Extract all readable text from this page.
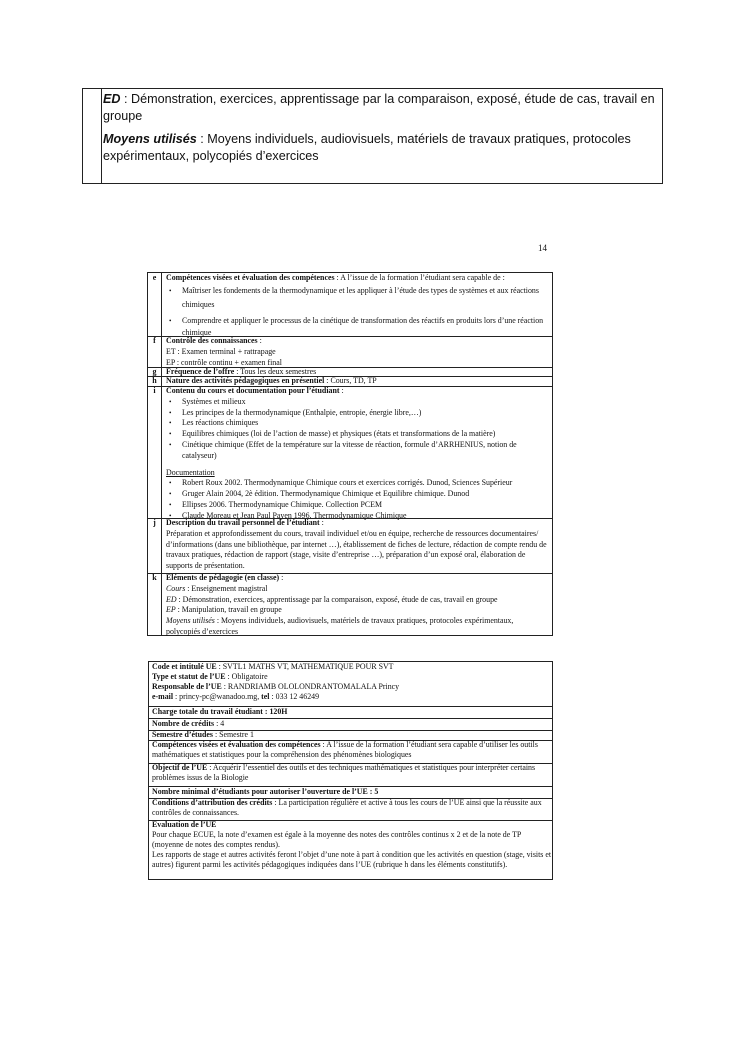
ED : Démonstration, exercices, apprentissage par la comparaison, exposé, étude de cas, travail en groupe

Moyens utilisés : Moyens individuels, audiovisuels, matériels de travaux pratiques, protocoles expérimentaux, polycopiés d’exercices

14
e	Compétences visées et évaluation des compétences : A l’issue de la formation l’étudiant sera capable de :
• Maîtriser les fondements de la thermodynamique et les appliquer à l’étude des types de systèmes et aux réactions chimiques
• Comprendre et appliquer le processus de la cinétique de transformation des réactifs en produits lors d’une réaction chimique
f	Contrôle des connaissances :
ET : Examen terminal + rattrapage
EP : contrôle continu + examen final
g	Fréquence de l’offre : Tous les deux semestres
h	Nature des activités pédagogiques en présentiel : Cours, TD, TP
i	Contenu du cours et documentation pour l’étudiant :
• Systèmes et milieux
• Les principes de la thermodynamique (Enthalpie, entropie, énergie libre,…)
• Les réactions chimiques
• Equilibres chimiques (loi de l’action de masse) et physiques (états et transformations de la matière)
• Cinétique chimique (Effet de la température sur la vitesse de réaction, formule d’ARRHENIUS, notion de catalyseur)
Documentation
• Robert Roux 2002. Thermodynamique Chimique cours et exercices corrigés. Dunod, Sciences Supérieur
• Gruger Alain 2004, 2è édition. Thermodynamique Chimique et Equilibre chimique. Dunod
• Ellipses 2006. Thermodynamique Chimique. Collection PCEM
• Claude Moreau et Jean Paul Payen 1996. Thermodynamique Chimique
j	Description du travail personnel de l’étudiant :
Préparation et approfondissement du cours, travail individuel et/ou en équipe, recherche de ressources documentaires/ d’informations (dans une bibliothèque, par internet …), établissement de fiches de lecture, rédaction de compte rendu de travaux pratiques, rédaction de rapport (stage, visite d’entreprise …), préparation d’un exposé oral, élaboration de supports de présentation.
k	Eléments de pédagogie (en classe) :
Cours : Enseignement magistral
ED : Démonstration, exercices, apprentissage par la comparaison, exposé, étude de cas, travail en groupe
EP : Manipulation, travail en groupe
Moyens utilisés : Moyens individuels, audiovisuels, matériels de travaux pratiques, protocoles expérimentaux, polycopiés d’exercices
Code et intitulé UE : SVTL1 MATHS VT, MATHEMATIQUE POUR SVT
Type et statut de l’UE : Obligatoire
Responsable de l’UE : RANDRIAMB OLOLONDRANTOMALALA Princy
e-mail : princy-pc@wanadoo.mg, tel : 033 12 46249
Charge totale du travail étudiant : 120H
Nombre de crédits : 4
Semestre d’études : Semestre 1
Compétences visées et évaluation des compétences : A l’issue de la formation l’étudiant sera capable d’utiliser les outils mathématiques et statistiques pour la compréhension des phénomènes biologiques
Objectif de l’UE : Acquérir l’essentiel des outils et des techniques mathématiques et statistiques pour interpréter certains problèmes issus de la Biologie
Nombre minimal d’étudiants pour autoriser l’ouverture de l’UE : 5
Conditions d’attribution des crédits : La participation régulière et active à tous les cours de l’UE ainsi que la réussite aux contrôles de connaissances.
Evaluation de l’UE
Pour chaque ECUE, la note d’examen est égale à la moyenne des notes des contrôles continus x 2 et de la note de TP (moyenne de notes des comptes rendus).
Les rapports de stage et autres activités feront l’objet d’une note à part à condition que les activités en question (stage, visits et autres) figurent parmi les activités pédagogiques indiquées dans l’UE (rubrique h dans les éléments constitutifs).
